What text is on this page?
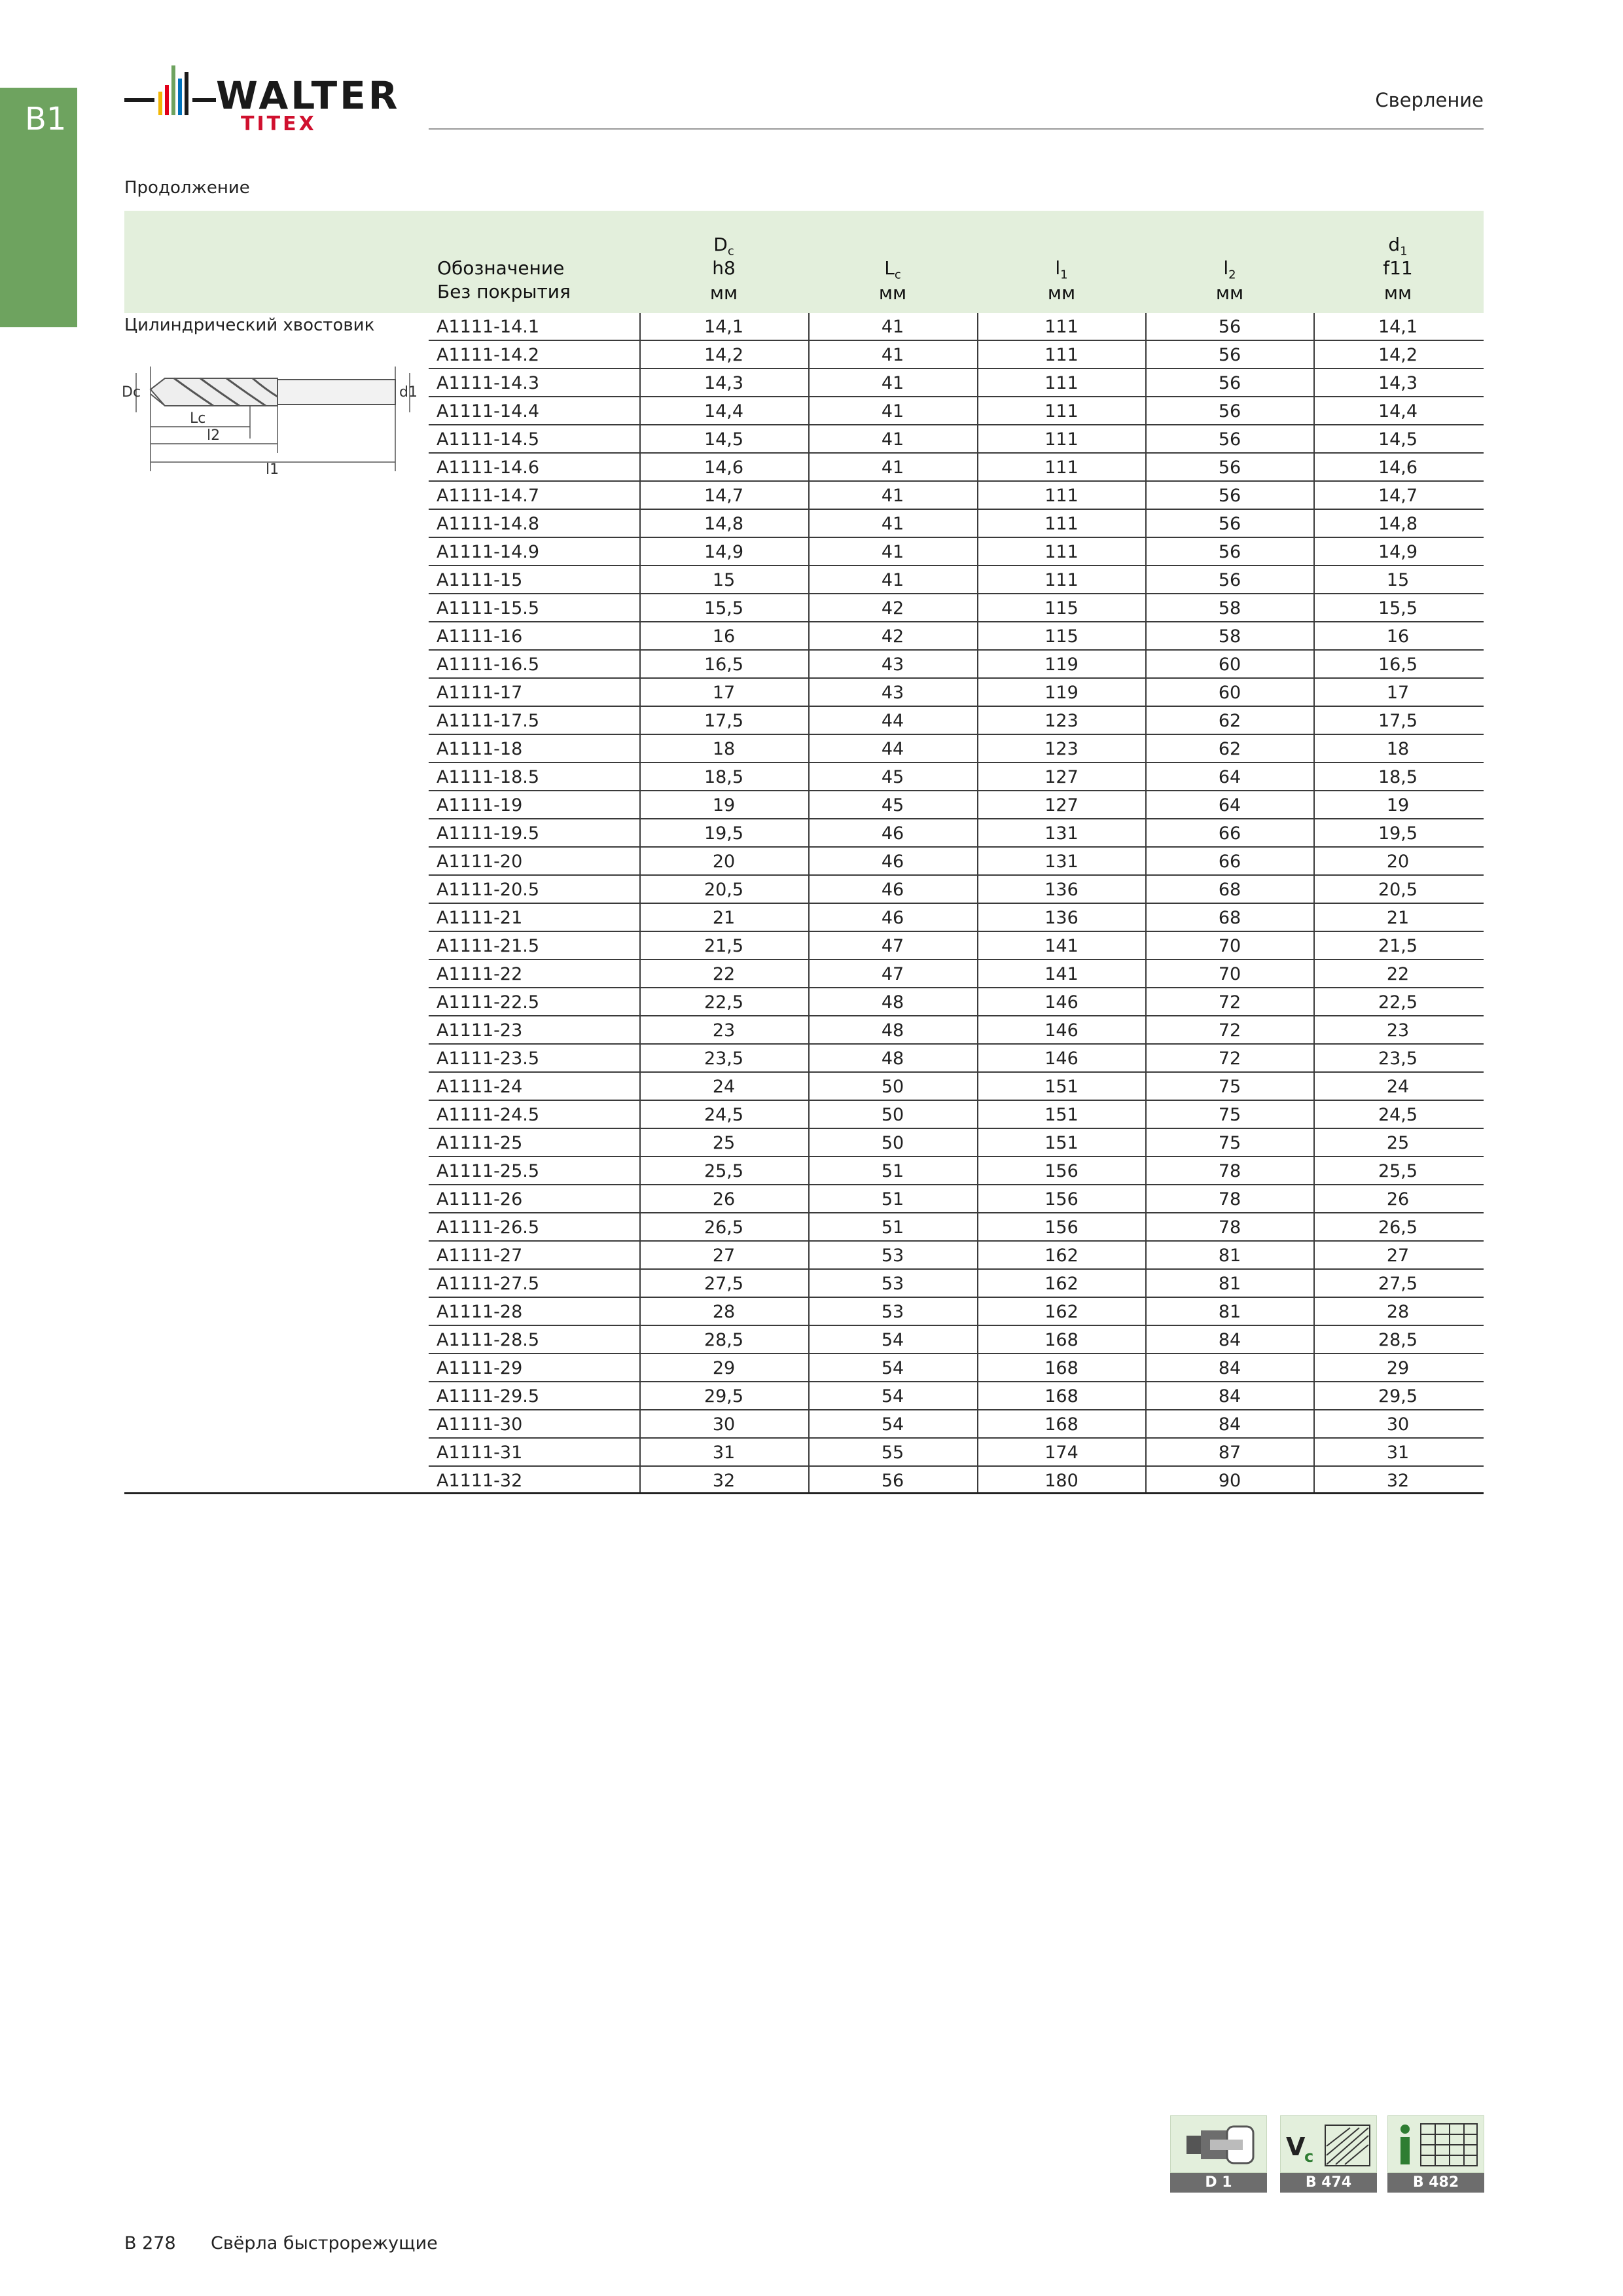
B1
WALTER
TITEX
Сверление
Продолжение
Обозначение
Без покрытия
$D_c$
h8
мм
$L_c$
мм
$l_1$
мм
$l_2$
мм
$d_1$
f11
мм
Цилиндрический хвостовик
Dc	d1
Lc
l2
l1
A1111-14.1	14,1	41	111	56	14,1
A1111-14.2	14,2	41	111	56	14,2
A1111-14.3	14,3	41	111	56	14,3
A1111-14.4	14,4	41	111	56	14,4
A1111-14.5	14,5	41	111	56	14,5
A1111-14.6	14,6	41	111	56	14,6
A1111-14.7	14,7	41	111	56	14,7
A1111-14.8	14,8	41	111	56	14,8
A1111-14.9	14,9	41	111	56	14,9
A1111-15	15	41	111	56	15
A1111-15.5	15,5	42	115	58	15,5
A1111-16	16	42	115	58	16
A1111-16.5	16,5	43	119	60	16,5
A1111-17	17	43	119	60	17
A1111-17.5	17,5	44	123	62	17,5
A1111-18	18	44	123	62	18
A1111-18.5	18,5	45	127	64	18,5
A1111-19	19	45	127	64	19
A1111-19.5	19,5	46	131	66	19,5
A1111-20	20	46	131	66	20
A1111-20.5	20,5	46	136	68	20,5
A1111-21	21	46	136	68	21
A1111-21.5	21,5	47	141	70	21,5
A1111-22	22	47	141	70	22
A1111-22.5	22,5	48	146	72	22,5
A1111-23	23	48	146	72	23
A1111-23.5	23,5	48	146	72	23,5
A1111-24	24	50	151	75	24
A1111-24.5	24,5	50	151	75	24,5
A1111-25	25	50	151	75	25
A1111-25.5	25,5	51	156	78	25,5
A1111-26	26	51	156	78	26
A1111-26.5	26,5	51	156	78	26,5
A1111-27	27	53	162	81	27
A1111-27.5	27,5	53	162	81	27,5
A1111-28	28	53	162	81	28
A1111-28.5	28,5	54	168	84	28,5
A1111-29	29	54	168	84	29
A1111-29.5	29,5	54	168	84	29,5
A1111-30	30	54	168	84	30
A1111-31	31	55	174	87	31
A1111-32	32	56	180	90	32
D 1
V
c
B 474	B 482
B 278 Свёрла быстрорежущие
